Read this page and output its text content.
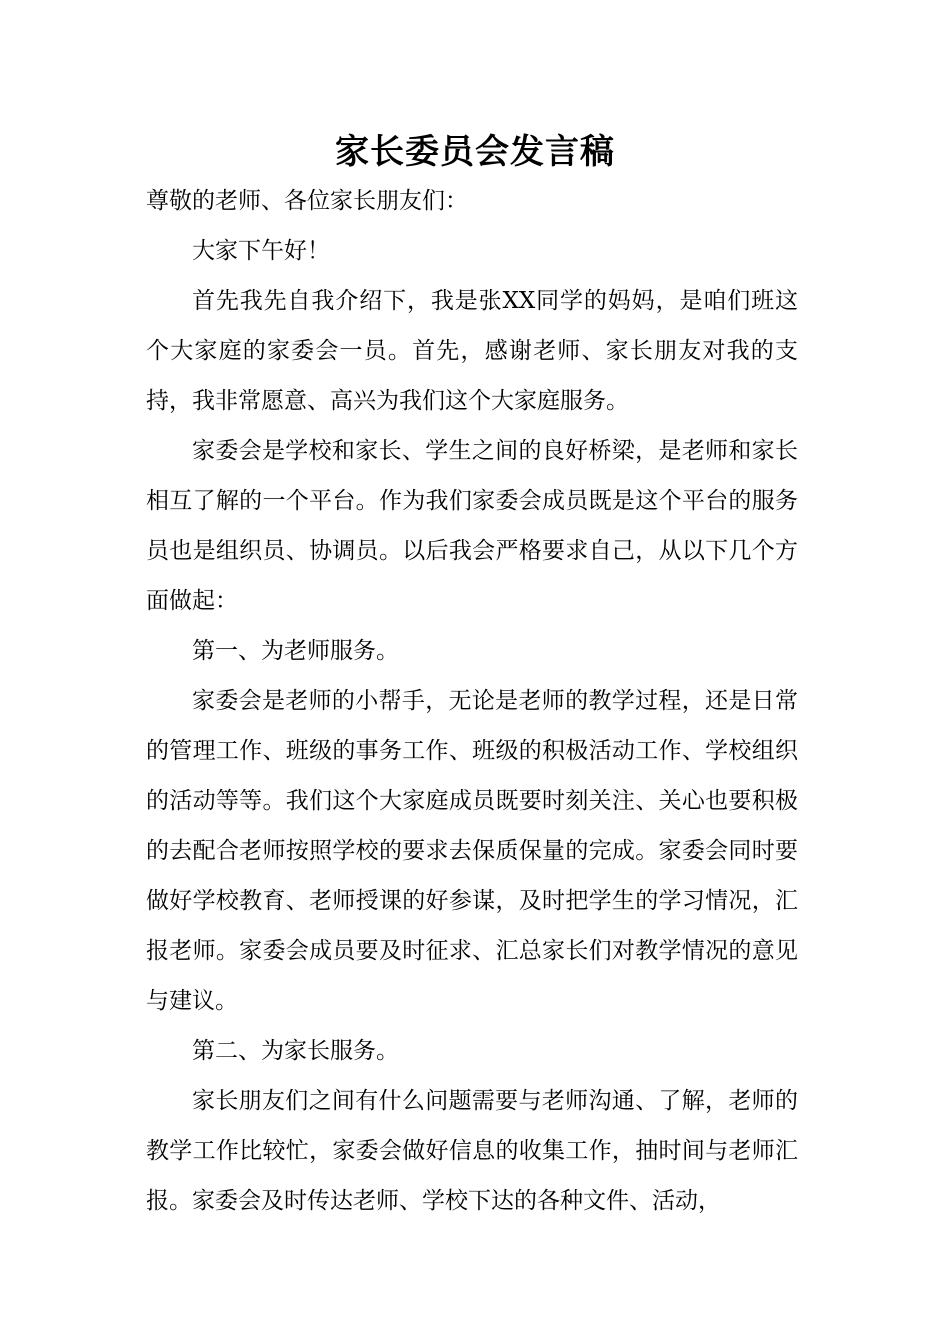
家长委员会发言稿

尊敬的老师、各位家长朋友们：

大家下午好！

首先我先自我介绍下，我是张XX同学的妈妈，是咱们班这个大家庭的家委会一员。首先，感谢老师、家长朋友对我的支持，我非常愿意、高兴为我们这个大家庭服务。

家委会是学校和家长、学生之间的良好桥梁，是老师和家长相互了解的一个平台。作为我们家委会成员既是这个平台的服务员也是组织员、协调员。以后我会严格要求自己，从以下几个方面做起：

第一、为老师服务。

家委会是老师的小帮手，无论是老师的教学过程，还是日常的管理工作、班级的事务工作、班级的积极活动工作、学校组织的活动等等。我们这个大家庭成员既要时刻关注、关心也要积极的去配合老师按照学校的要求去保质保量的完成。家委会同时要做好学校教育、老师授课的好参谋，及时把学生的学习情况，汇报老师。家委会成员要及时征求、汇总家长们对教学情况的意见与建议。

第二、为家长服务。

家长朋友们之间有什么问题需要与老师沟通、了解，老师的教学工作比较忙，家委会做好信息的收集工作，抽时间与老师汇报。家委会及时传达老师、学校下达的各种文件、活动，
